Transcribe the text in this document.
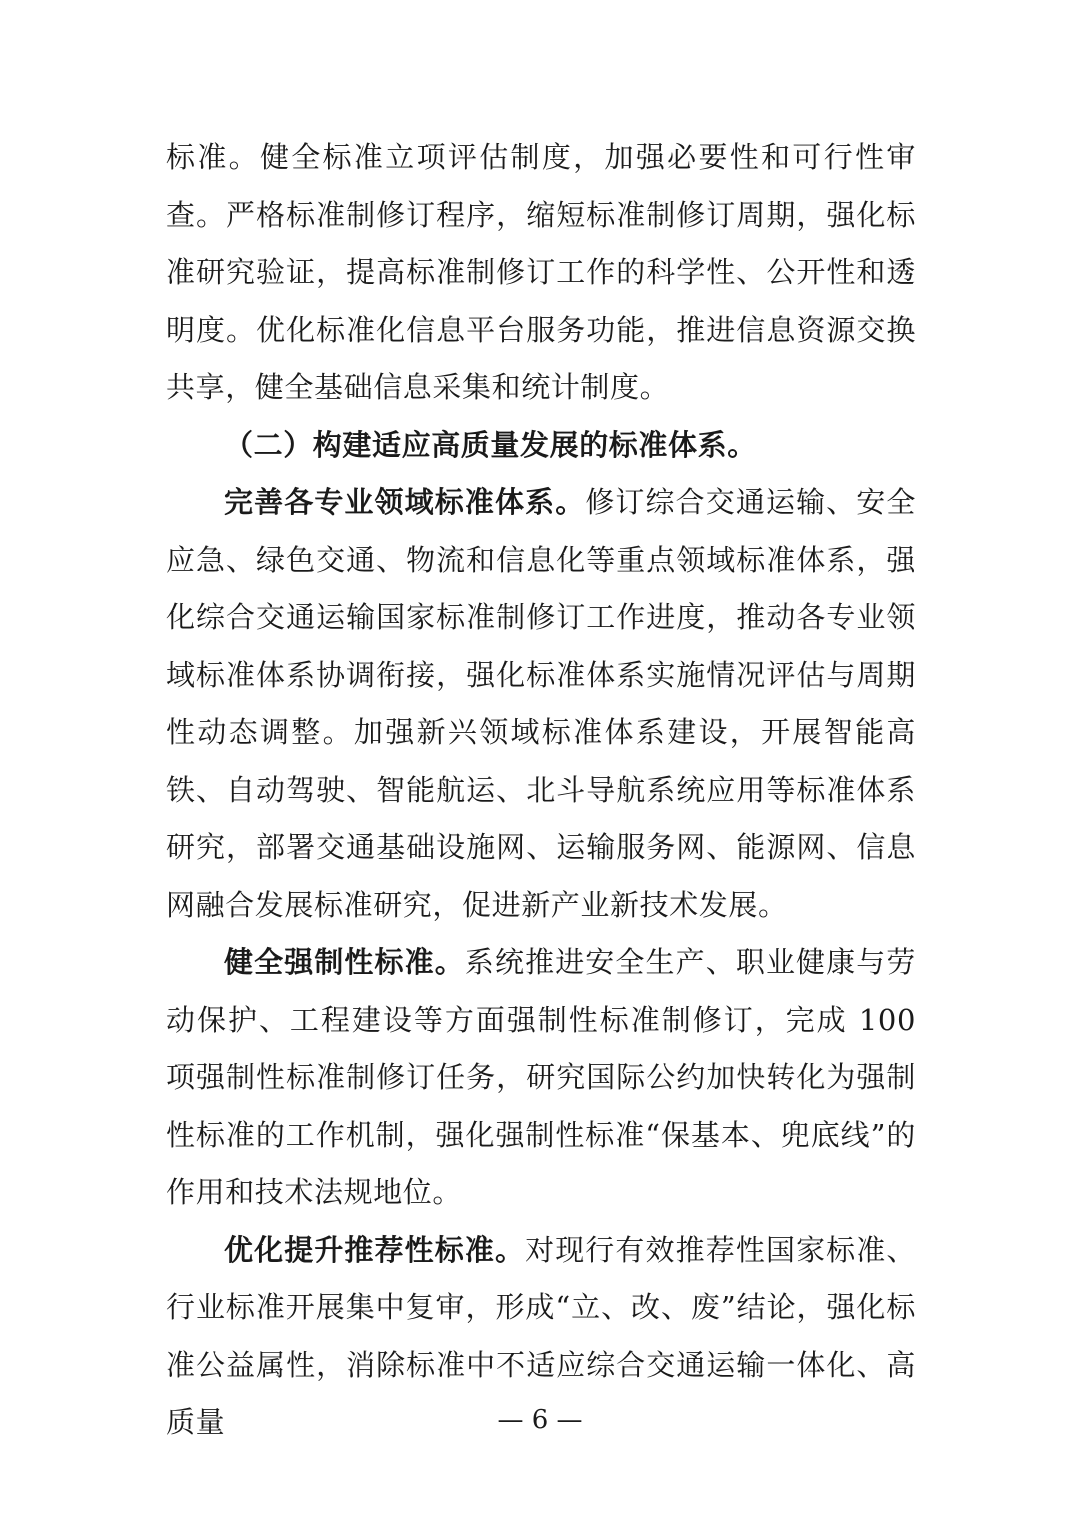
标准。健全标准立项评估制度，加强必要性和可行性审查。严格标准制修订程序，缩短标准制修订周期，强化标准研究验证，提高标准制修订工作的科学性、公开性和透明度。优化标准化信息平台服务功能，推进信息资源交换共享，健全基础信息采集和统计制度。

（二）构建适应高质量发展的标准体系。

完善各专业领域标准体系。修订综合交通运输、安全应急、绿色交通、物流和信息化等重点领域标准体系，强化综合交通运输国家标准制修订工作进度，推动各专业领域标准体系协调衔接，强化标准体系实施情况评估与周期性动态调整。加强新兴领域标准体系建设，开展智能高铁、自动驾驶、智能航运、北斗导航系统应用等标准体系研究，部署交通基础设施网、运输服务网、能源网、信息网融合发展标准研究，促进新产业新技术发展。

健全强制性标准。系统推进安全生产、职业健康与劳动保护、工程建设等方面强制性标准制修订，完成 100 项强制性标准制修订任务，研究国际公约加快转化为强制性标准的工作机制，强化强制性标准“保基本、兜底线”的作用和技术法规地位。

优化提升推荐性标准。对现行有效推荐性国家标准、行业标准开展集中复审，形成“立、改、废”结论，强化标准公益属性，消除标准中不适应综合交通运输一体化、高质量	— 6 —
